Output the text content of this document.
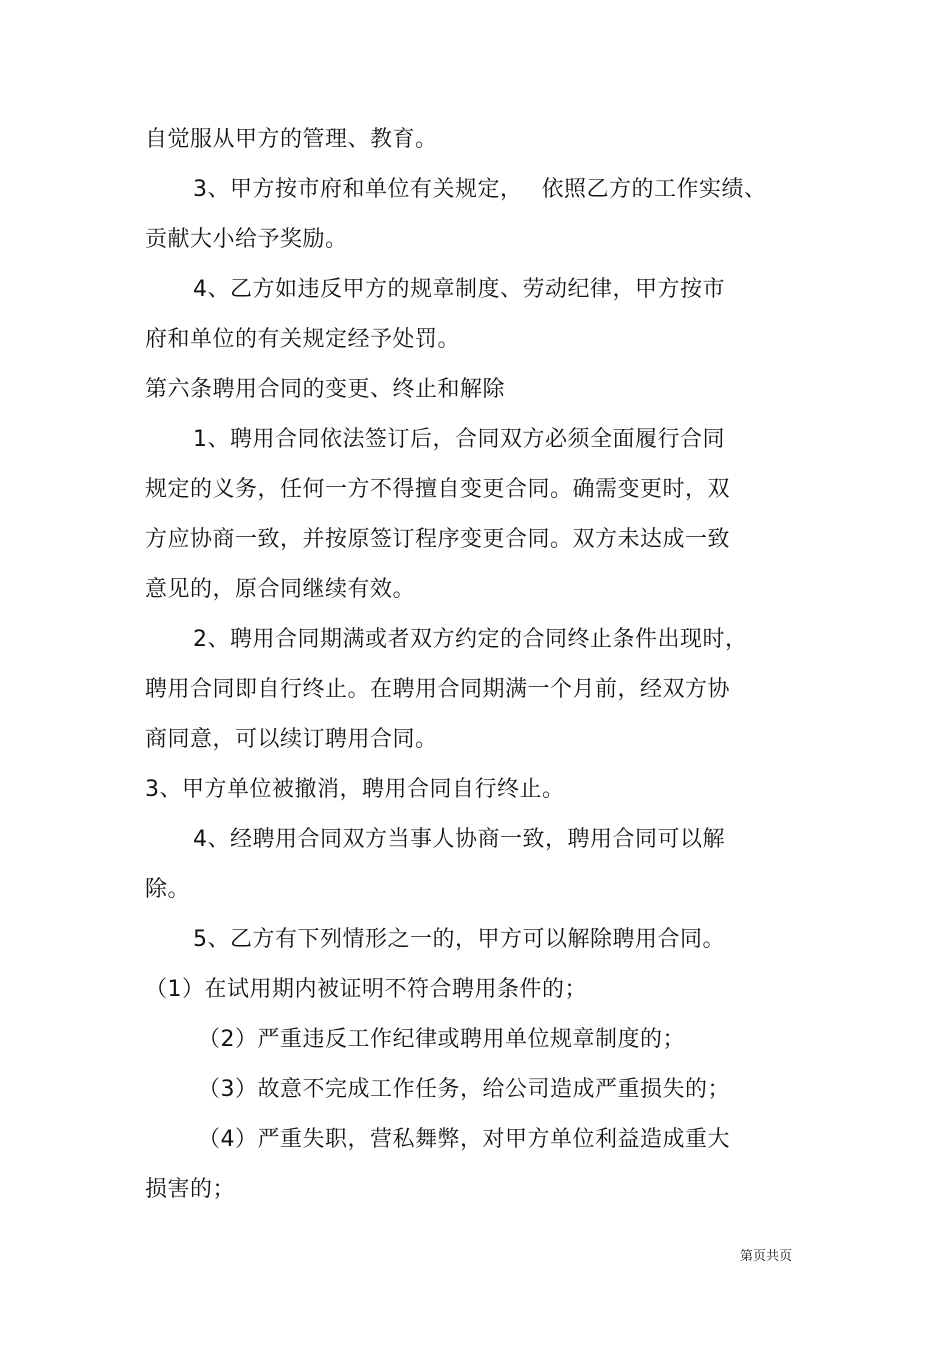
自觉服从甲方的管理、教育。
3、甲方按市府和单位有关规定，　 依照乙方的工作实绩、
贡献大小给予奖励。
4、乙方如违反甲方的规章制度、劳动纪律，甲方按市
府和单位的有关规定经予处罚。
第六条聘用合同的变更、终止和解除
1、聘用合同依法签订后，合同双方必须全面履行合同
规定的义务，任何一方不得擅自变更合同。确需变更时，双
方应协商一致，并按原签订程序变更合同。双方未达成一致
意见的，原合同继续有效。
2、聘用合同期满或者双方约定的合同终止条件出现时，
聘用合同即自行终止。在聘用合同期满一个月前，经双方协
商同意，可以续订聘用合同。
3、甲方单位被撤消，聘用合同自行终止。
4、经聘用合同双方当事人协商一致，聘用合同可以解
除。
5、乙方有下列情形之一的，甲方可以解除聘用合同。
（1）在试用期内被证明不符合聘用条件的；
（2）严重违反工作纪律或聘用单位规章制度的；
（3）故意不完成工作任务，给公司造成严重损失的；
（4）严重失职，营私舞弊，对甲方单位利益造成重大
损害的；
第页共页
